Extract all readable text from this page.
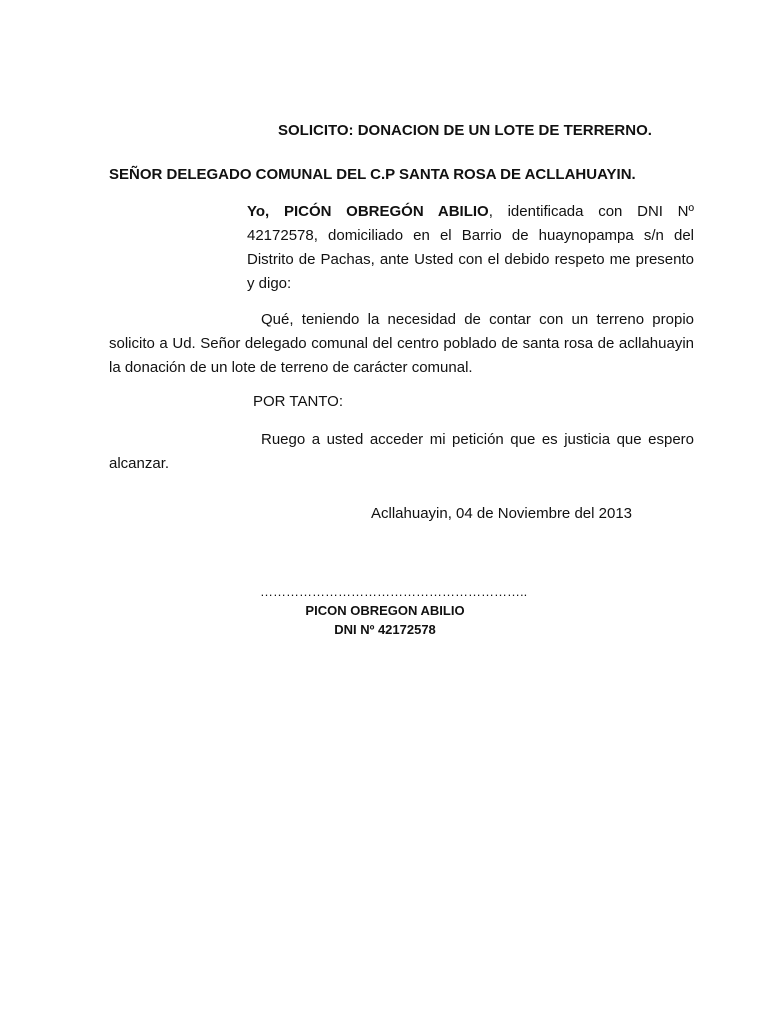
SOLICITO: DONACION DE UN LOTE DE TERRERNO.
SEÑOR DELEGADO COMUNAL DEL C.P SANTA ROSA DE ACLLAHUAYIN.
Yo, PICÓN OBREGÓN ABILIO, identificada con DNI Nº 42172578, domiciliado en el Barrio de huaynopampa s/n del Distrito de Pachas, ante Usted con el debido respeto me presento y digo:
Qué, teniendo la necesidad de contar con un terreno propio solicito a Ud. Señor delegado comunal del centro poblado de santa rosa de acllahuayin la donación de un lote de terreno de carácter comunal.
POR TANTO:
Ruego a usted acceder mi petición que es justicia que espero alcanzar.
Acllahuayin, 04 de Noviembre del 2013
……………………………………………………..
PICON OBREGON ABILIO
DNI Nº 42172578
